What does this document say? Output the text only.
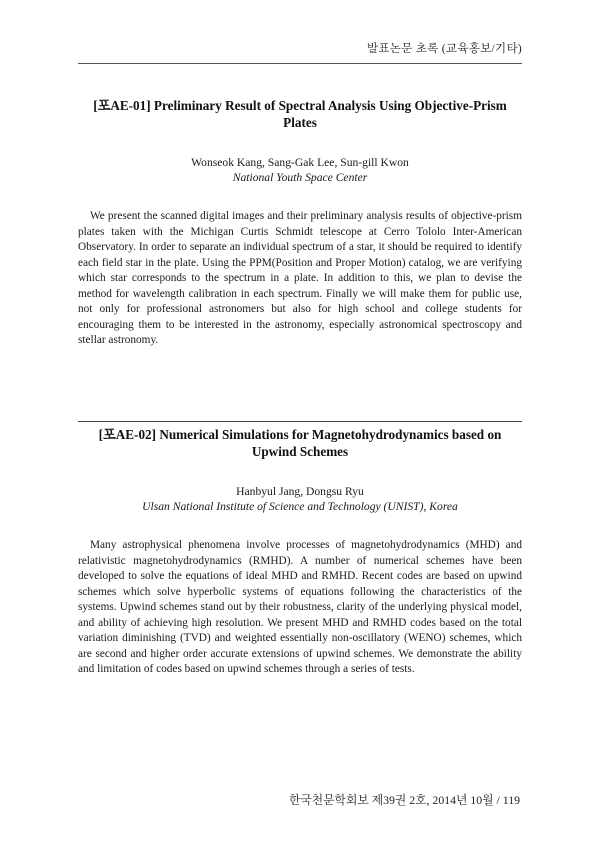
발표논문 초록 (교육홍보/기타)
[포AE-01] Preliminary Result of Spectral Analysis Using Objective-Prism Plates
Wonseok Kang, Sang-Gak Lee, Sun-gill Kwon
National Youth Space Center

We present the scanned digital images and their preliminary analysis results of objective-prism plates taken with the Michigan Curtis Schmidt telescope at Cerro Tololo Inter-American Observatory. In order to separate an individual spectrum of a star, it should be required to identify each field star in the plate. Using the PPM(Position and Proper Motion) catalog, we are verifying which star corresponds to the spectrum in a plate. In addition to this, we plan to devise the method for wavelength calibration in each spectrum. Finally we will make them for public use, not only for professional astronomers but also for high school and college students for encouraging them to be interested in the astronomy, especially astronomical spectroscopy and stellar astronomy.

[포AE-02] Numerical Simulations for Magnetohydrodynamics based on Upwind Schemes
Hanbyul Jang, Dongsu Ryu
Ulsan National Institute of Science and Technology (UNIST), Korea

Many astrophysical phenomena involve processes of magnetohydrodynamics (MHD) and relativistic magnetohydrodynamics (RMHD). A number of numerical schemes have been developed to solve the equations of ideal MHD and RMHD. Recent codes are based on upwind schemes which solve hyperbolic systems of equations following the characteristics of the systems. Upwind schemes stand out by their robustness, clarity of the underlying physical model, and ability of achieving high resolution. We present MHD and RMHD codes based on the total variation diminishing (TVD) and weighted essentially non-oscillatory (WENO) schemes, which are second and higher order accurate extensions of upwind schemes. We demonstrate the ability and limitation of codes based on upwind schemes through a series of tests.

한국천문학회보 제39권 2호, 2014년 10월 / 119
